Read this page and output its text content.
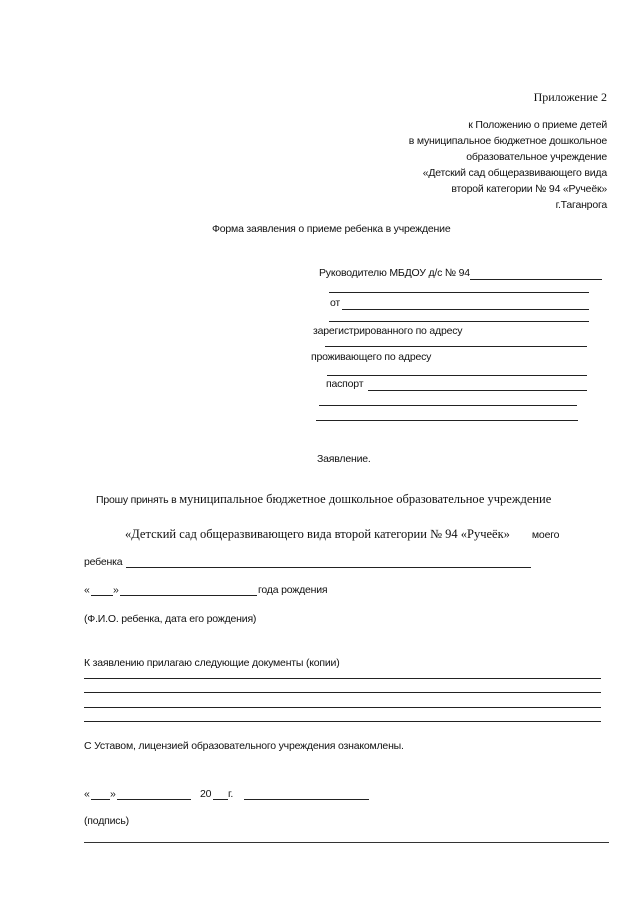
Приложение 2
к Положению о приеме детей
в муниципальное бюджетное дошкольное
образовательное учреждение
«Детский сад общеразвивающего вида
второй категории № 94 «Ручеёк»
г.Таганрога
Форма заявления о приеме ребенка в учреждение
Руководителю МБДОУ д/с № 94
от
зарегистрированного по адресу
проживающего по адресу
паспорт
Заявление.
Прошу принять в муниципальное бюджетное дошкольное образовательное учреждение
«Детский сад общеразвивающего вида второй категории № 94 «Ручеёк» моего
ребенка
« »	года рождения
(Ф.И.О. ребенка, дата его рождения)
К заявлению прилагаю следующие документы (копии)
С Уставом, лицензией образовательного учреждения ознакомлены.
« »	20 г.
(подпись)
